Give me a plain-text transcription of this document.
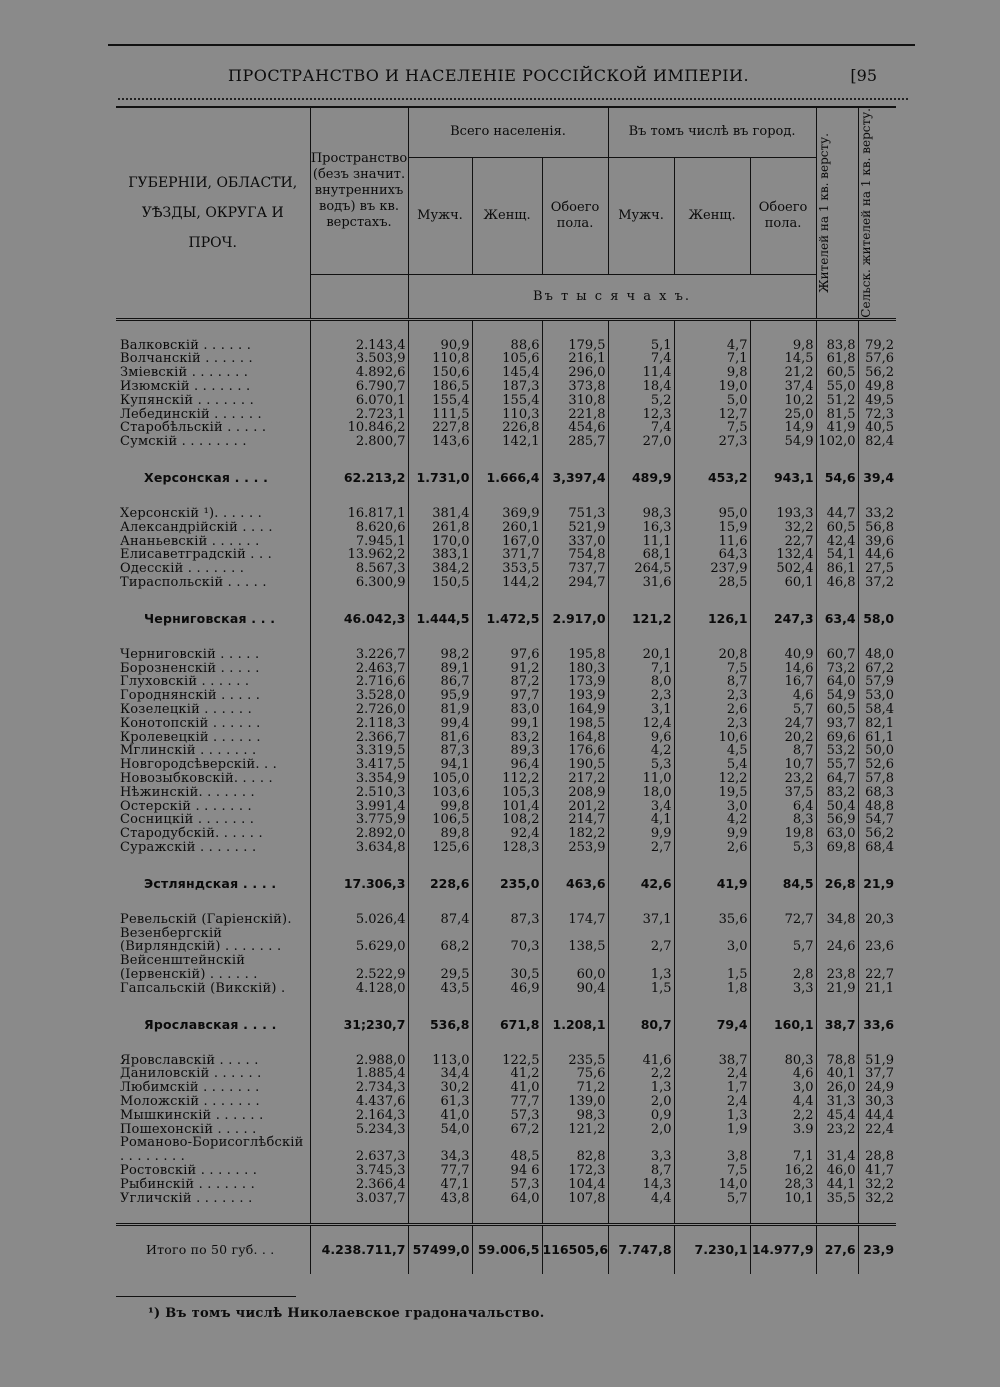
ПРОСТРАНСТВО И НАСЕЛЕНІЕ РОССІЙСКОЙ ИМПЕРІИ.	[95
ГУБЕРНІИ, ОБЛАСТИ, УѢЗДЫ, ОКРУГА И ПРОЧ.	Пространство (безъ значит. внутреннихъ водъ) въ кв. верстахъ.	Всего населенія.			Въ томъ числѣ въ город.			Жителей на 1 кв. версту.	Сельск. жителей на 1 кв. версту.

		Мужч.	Женщ.	Обоего пола.	Мужч.	Женщ.	Обоего пола.		
		Въ т ы с я ч а х ъ.							

Валковскій . . . . . .	2.143,4	90,9	88,6	179,5	5,1	4,7	9,8	83,8	79,2
Волчанскій . . . . . .	3.503,9	110,8	105,6	216,1	7,4	7,1	14,5	61,8	57,6
Зміевскій . . . . . . .	4.892,6	150,6	145,4	296,0	11,4	9,8	21,2	60,5	56,2
Изюмскій . . . . . . .	6.790,7	186,5	187,3	373,8	18,4	19,0	37,4	55,0	49,8
Купянскій . . . . . . .	6.070,1	155,4	155,4	310,8	5,2	5,0	10,2	51,2	49,5
Лебединскій . . . . . .	2.723,1	111,5	110,3	221,8	12,3	12,7	25,0	81,5	72,3
Старобѣльскій . . . . .	10.846,2	227,8	226,8	454,6	7,4	7,5	14,9	41,9	40,5
Сумскій . . . . . . . .	2.800,7	143,6	142,1	285,7	27,0	27,3	54,9	102,0	82,4

Херсонская . . . .	62.213,2	1.731,0	1.666,4	3,397,4	489,9	453,2	943,1	54,6	39,4

Херсонскій ¹). . . . . .	16.817,1	381,4	369,9	751,3	98,3	95,0	193,3	44,7	33,2
Александрійскій . . . .	8.620,6	261,8	260,1	521,9	16,3	15,9	32,2	60,5	56,8
Ананьевскій . . . . . .	7.945,1	170,0	167,0	337,0	11,1	11,6	22,7	42,4	39,6
Елисаветградскій . . .	13.962,2	383,1	371,7	754,8	68,1	64,3	132,4	54,1	44,6
Одесскій . . . . . . .	8.567,3	384,2	353,5	737,7	264,5	237,9	502,4	86,1	27,5
Тираспольскій . . . . .	6.300,9	150,5	144,2	294,7	31,6	28,5	60,1	46,8	37,2

Черниговская . . .	46.042,3	1.444,5	1.472,5	2.917,0	121,2	126,1	247,3	63,4	58,0

Черниговскій . . . . .	3.226,7	98,2	97,6	195,8	20,1	20,8	40,9	60,7	48,0
Борозненскій . . . . .	2.463,7	89,1	91,2	180,3	7,1	7,5	14,6	73,2	67,2
Глуховскій . . . . . .	2.716,6	86,7	87,2	173,9	8,0	8,7	16,7	64,0	57,9
Городнянскій . . . . .	3.528,0	95,9	97,7	193,9	2,3	2,3	4,6	54,9	53,0
Козелецкій . . . . . .	2.726,0	81,9	83,0	164,9	3,1	2,6	5,7	60,5	58,4
Конотопскій . . . . . .	2.118,3	99,4	99,1	198,5	12,4	2,3	24,7	93,7	82,1
Кролевецкій . . . . . .	2.366,7	81,6	83,2	164,8	9,6	10,6	20,2	69,6	61,1
Мглинскій . . . . . . .	3.319,5	87,3	89,3	176,6	4,2	4,5	8,7	53,2	50,0
Новгородсѣверскій. . .	3.417,5	94,1	96,4	190,5	5,3	5,4	10,7	55,7	52,6
Новозыбковскій. . . . .	3.354,9	105,0	112,2	217,2	11,0	12,2	23,2	64,7	57,8
Нѣжинскій. . . . . . .	2.510,3	103,6	105,3	208,9	18,0	19,5	37,5	83,2	68,3
Остерскій . . . . . . .	3.991,4	99,8	101,4	201,2	3,4	3,0	6,4	50,4	48,8
Сосницкій . . . . . . .	3.775,9	106,5	108,2	214,7	4,1	4,2	8,3	56,9	54,7
Стародубскій. . . . . .	2.892,0	89,8	92,4	182,2	9,9	9,9	19,8	63,0	56,2
Суражскій . . . . . . .	3.634,8	125,6	128,3	253,9	2,7	2,6	5,3	69,8	68,4

Эстляндская . . . .	17.306,3	228,6	235,0	463,6	42,6	41,9	84,5	26,8	21,9

Ревельскій (Гаріенскій).	5.026,4	87,4	87,3	174,7	37,1	35,6	72,7	34,8	20,3
Везенбергскій (Вирляндскій) . . . . . . .	5.629,0	68,2	70,3	138,5	2,7	3,0	5,7	24,6	23,6
Вейсенштейнскій (Іервенскій) . . . . . .	2.522,9	29,5	30,5	60,0	1,3	1,5	2,8	23,8	22,7
Гапсальскій (Викскій) .	4.128,0	43,5	46,9	90,4	1,5	1,8	3,3	21,9	21,1

Ярославская . . . .	31;230,7	536,8	671,8	1.208,1	80,7	79,4	160,1	38,7	33,6

Яровславскій . . . . .	2.988,0	113,0	122,5	235,5	41,6	38,7	80,3	78,8	51,9
Даниловскій . . . . . .	1.885,4	34,4	41,2	75,6	2,2	2,4	4,6	40,1	37,7
Любимскій . . . . . . .	2.734,3	30,2	41,0	71,2	1,3	1,7	3,0	26,0	24,9
Моложскій . . . . . . .	4.437,6	61,3	77,7	139,0	2,0	2,4	4,4	31,3	30,3
Мышкинскій . . . . . .	2.164,3	41,0	57,3	98,3	0,9	1,3	2,2	45,4	44,4
Пошехонскій . . . . .	5.234,3	54,0	67,2	121,2	2,0	1,9	3.9	23,2	22,4
Романово-Борисоглѣбскій . . . . . . . .	2.637,3	34,3	48,5	82,8	3,3	3,8	7,1	31,4	28,8
Ростовскій . . . . . . .	3.745,3	77,7	94 6	172,3	8,7	7,5	16,2	46,0	41,7
Рыбинскій . . . . . . .	2.366,4	47,1	57,3	104,4	14,3	14,0	28,3	44,1	32,2
Угличскій . . . . . . .	3.037,7	43,8	64,0	107,8	4,4	5,7	10,1	35,5	32,2

Итого по 50 губ. . .	4.238.711,7	57499,0	59.006,5	116505,6	7.747,8	7.230,1	14.977,9	27,6	23,9
¹) Въ томъ числѣ Николаевское градоначальство.
